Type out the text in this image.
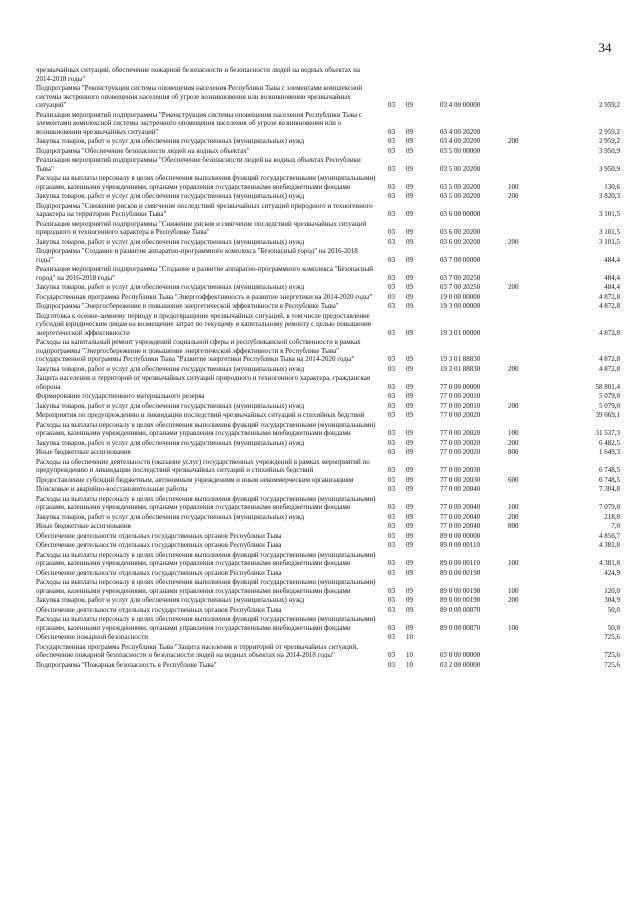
34
чрезвычайных ситуаций, обеспечение пожарной безопасности и безопасности людей на водных объектах на 2014-2018 годы"
Подпрограмма "Реконструкция системы оповещения населения Республики Тыва с элементами комплексной системы экстренного оповещения населения об угрозе возникновения или возникновении чрезвычайных ситуаций"	03	09	03 4 00 00000	2 959,2
Реализация мероприятий подпрограммы "Реконструкция системы оповещения населения Республики Тыва с элементами комплексной системы экстренного оповещения населения об угрозе возникновения или о возникновении чрезвычайных ситуаций"	03	09	03 4 00 20200	2 959,2
Закупка товаров, работ и услуг для обеспечения государственных (муниципальных) нужд	03	09	03 4 00 20200	200	2 959,2
Подпрограмма "Обеспечение безопасности людей на водных объектах"	03	09	03 5 00 00000	3 950,9
Реализация мероприятий подпрограммы "Обеспечение безопасности людей на водных объектах Республики Тыва"	03	09	03 5 00 20200	3 950,9
Расходы на выплаты персоналу в целях обеспечения выполнения функций государственными (муниципальными) органами, казенными учреждениями, органами управления государственными внебюджетными фондами	03	09	03 5 00 20200	100	130,6
Закупка товаров, работ и услуг для обеспечения государственных (муниципальных) нужд	03	09	03 5 00 20200	200	3 820,3
Подпрограмма "Снижение рисков и смягчение последствий чрезвычайных ситуаций природного и техногенного характера на территории Республики Тыва"	03	09	03 6 00 00000	3 101,5
Реализация мероприятий подпрограммы "Снижение рисков и смягчение последствий чрезвычайных ситуаций природного и техногенного характера в Республике Тыва"	03	09	03 6 00 20200	3 101,5
Закупка товаров, работ и услуг для обеспечения государственных (муниципальных) нужд	03	09	03 6 00 20200	200	3 101,5
Подпрограмма "Создание и развитие аппаратно-программного комплекса "Безопасный город" на 2016-2018 годы"	03	09	03 7 00 00000	484,4
Реализация мероприятий подпрограммы "Создание и развитие аппаратно-программного комплекса "Безопасный город" на 2016-2018 годы"	03	09	03 7 00 20250	484,4
Закупка товаров, работ и услуг для обеспечения государственных (муниципальных) нужд	03	09	03 7 00 20250	200	484,4
Государственная программа Республики Тыва "Энергоэффективность и развитие энергетики на 2014-2020 годы"	03	09	19 0 00 00000	4 872,8
Подпрограмма "Энергосбережение и повышение энергетической эффективности в Республике Тыва"	03	09	19 3 00 00000	4 872,8
Подготовка к осенне-зимнему периоду и предотвращение чрезвычайных ситуаций, в том числе предоставление субсидий юридическим лицам на возмещение затрат по текущему и капитальному ремонту с целью повышения энергетической эффективности	03	09	19 3 01 00000	4 872,8
Расходы на капитальный ремонт учреждений социальной сферы и республиканской собственности в рамках подпрограммы "Энергосбережение и повышение энергетической эффективности в Республике Тыва" государственной программы Республики Тыва "Развитие энергетики Республики Тыва на 2014-2020 годы"	03	09	19 3 01 88830	4 872,8
Закупка товаров, работ и услуг для обеспечения государственных (муниципальных) нужд	03	09	19 3 01 88830	200	4 872,8
Защита населения и территорий от чрезвычайных ситуаций природного и техногенного характера, гражданская оборона	03	09	77 0 00 00000	58 801,4
Формирование государственного материального резерва	03	09	77 0 00 20010	5 079,0
Закупка товаров, работ и услуг для обеспечения государственных (муниципальных) нужд	03	09	77 0 00 20010	200	5 079,0
Мероприятия по предупреждению и ликвидации последствий чрезвычайных ситуаций и стихийных бедствий	03	09	77 0 00 20020	39 669,1
Расходы на выплаты персоналу в целях обеспечения выполнения функций государственными (муниципальными) органами, казенными учреждениями, органами управления государственными внебюджетными фондами	03	09	77 0 00 20020	100	31 537,3
Закупка товаров, работ и услуг для обеспечения государственных (муниципальных) нужд	03	09	77 0 00 20020	200	6 482,5
Иные бюджетные ассигнования	03	09	77 0 00 20020	800	1 649,3
Расходы на обеспечение деятельности (оказание услуг) государственных учреждений в рамках мероприятий по предупреждению и ликвидации последствий чрезвычайных ситуаций и стихийных бедствий	03	09	77 0 00 20030	6 748,5
Предоставление субсидий бюджетным, автономным учреждениям и иным некоммерческим организациям	03	09	77 0 00 20030	600	6 748,5
Поисковые и аварийно-восстановительные работы	03	09	77 0 00 20040	7 304,8
Расходы на выплаты персоналу в целях обеспечения выполнения функций государственными (муниципальными) органами, казенными учреждениями, органами управления государственными внебюджетными фондами	03	09	77 0 00 20040	100	7 079,0
Закупка товаров, работ и услуг для обеспечения государственных (муниципальных) нужд	03	09	77 0 00 20040	200	218,8
Иные бюджетные ассигнования	03	09	77 0 00 20040	800	7,0
Обеспечение деятельности отдельных государственных органов Республики Тыва	03	09	89 0 00 00000	4 856,7
Обеспечение деятельности отдельных государственных органов Республики Тыва	03	09	89 0 00 00110	4 381,8
Расходы на выплаты персоналу в целях обеспечения выполнения функций государственными (муниципальными) органами, казенными учреждениями, органами управления государственными внебюджетными фондами	03	09	89 0 00 00110	100	4 381,8
Обеспечение деятельности отдельных государственных органов Республики Тыва	03	09	89 0 00 00190	424,9
Расходы на выплаты персоналу в целях обеспечения выполнения функций государственными (муниципальными) органами, казенными учреждениями, органами управления государственными внебюджетными фондами	03	09	89 0 00 00190	100	120,0
Закупка товаров, работ и услуг для обеспечения государственных (муниципальных) нужд	03	09	89 0 00 00190	200	304,9
Обеспечение деятельности отдельных государственных органов Республики Тыва	03	09	89 0 00 00870	50,0
Расходы на выплаты персоналу в целях обеспечения выполнения функций государственными (муниципальными) органами, казенными учреждениями, органами управления государственными внебюджетными фондами	03	09	89 0 00 00870	100	50,0
Обеспечение пожарной безопасности	03	10	725,6
Государственная программа Республики Тыва "Защита населения и территорий от чрезвычайных ситуаций, обеспечение пожарной безопасности и безопасности людей на водных объектах на 2014-2018 годы"	03	10	03 0 00 00000	725,6
Подпрограмма "Пожарная безопасность в Республике Тыва"	03	10	03 2 00 00000	725,6
